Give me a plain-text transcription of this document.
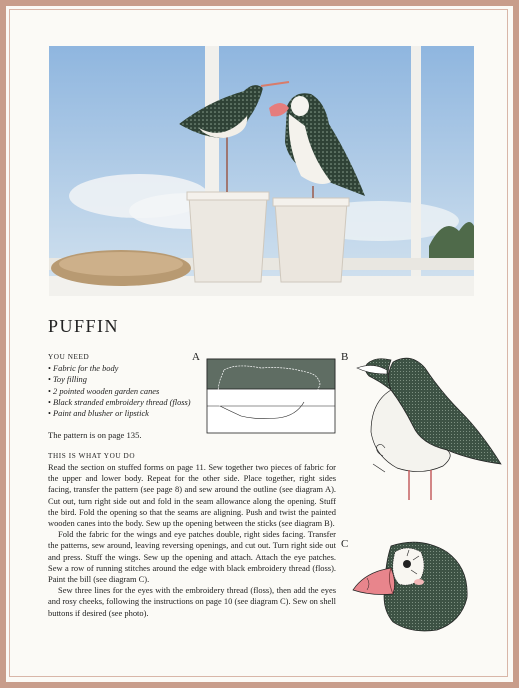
PUFFIN
YOU NEED
• Fabric for the body
• Toy filling
• 2 pointed wooden garden canes
• Black stranded embroidery thread (floss)
• Paint and blusher or lipstick
The pattern is on page 135.
THIS IS WHAT YOU DO

Read the section on stuffed forms on page 11. Sew together two pieces of fabric for the upper and lower body. Repeat for the other side. Place together, right sides facing, transfer the pattern (see page 8) and sew around the outline (see diagram A). Cut out, turn right side out and fold in the seam allowance along the opening. Stuff the bird. Fold the opening so that the seams are aligning. Push and twist the painted wooden canes into the body. Sew up the opening between the sticks (see diagram B).

Fold the fabric for the wings and eye patches double, right sides facing. Transfer the patterns, sew around, leaving reversing openings, and cut out. Turn right side out and press. Stuff the wings. Sew up the opening and attach. Attach the eye patches. Sew a row of running stitches around the edge with black embroidery thread (floss). Paint the bill (see diagram C).

Sew three lines for the eyes with the embroidery thread (floss), then add the eyes and rosy cheeks, following the instructions on page 10 (see diagram C). Sew on shell buttons if desired (see photo).

A	B
C
